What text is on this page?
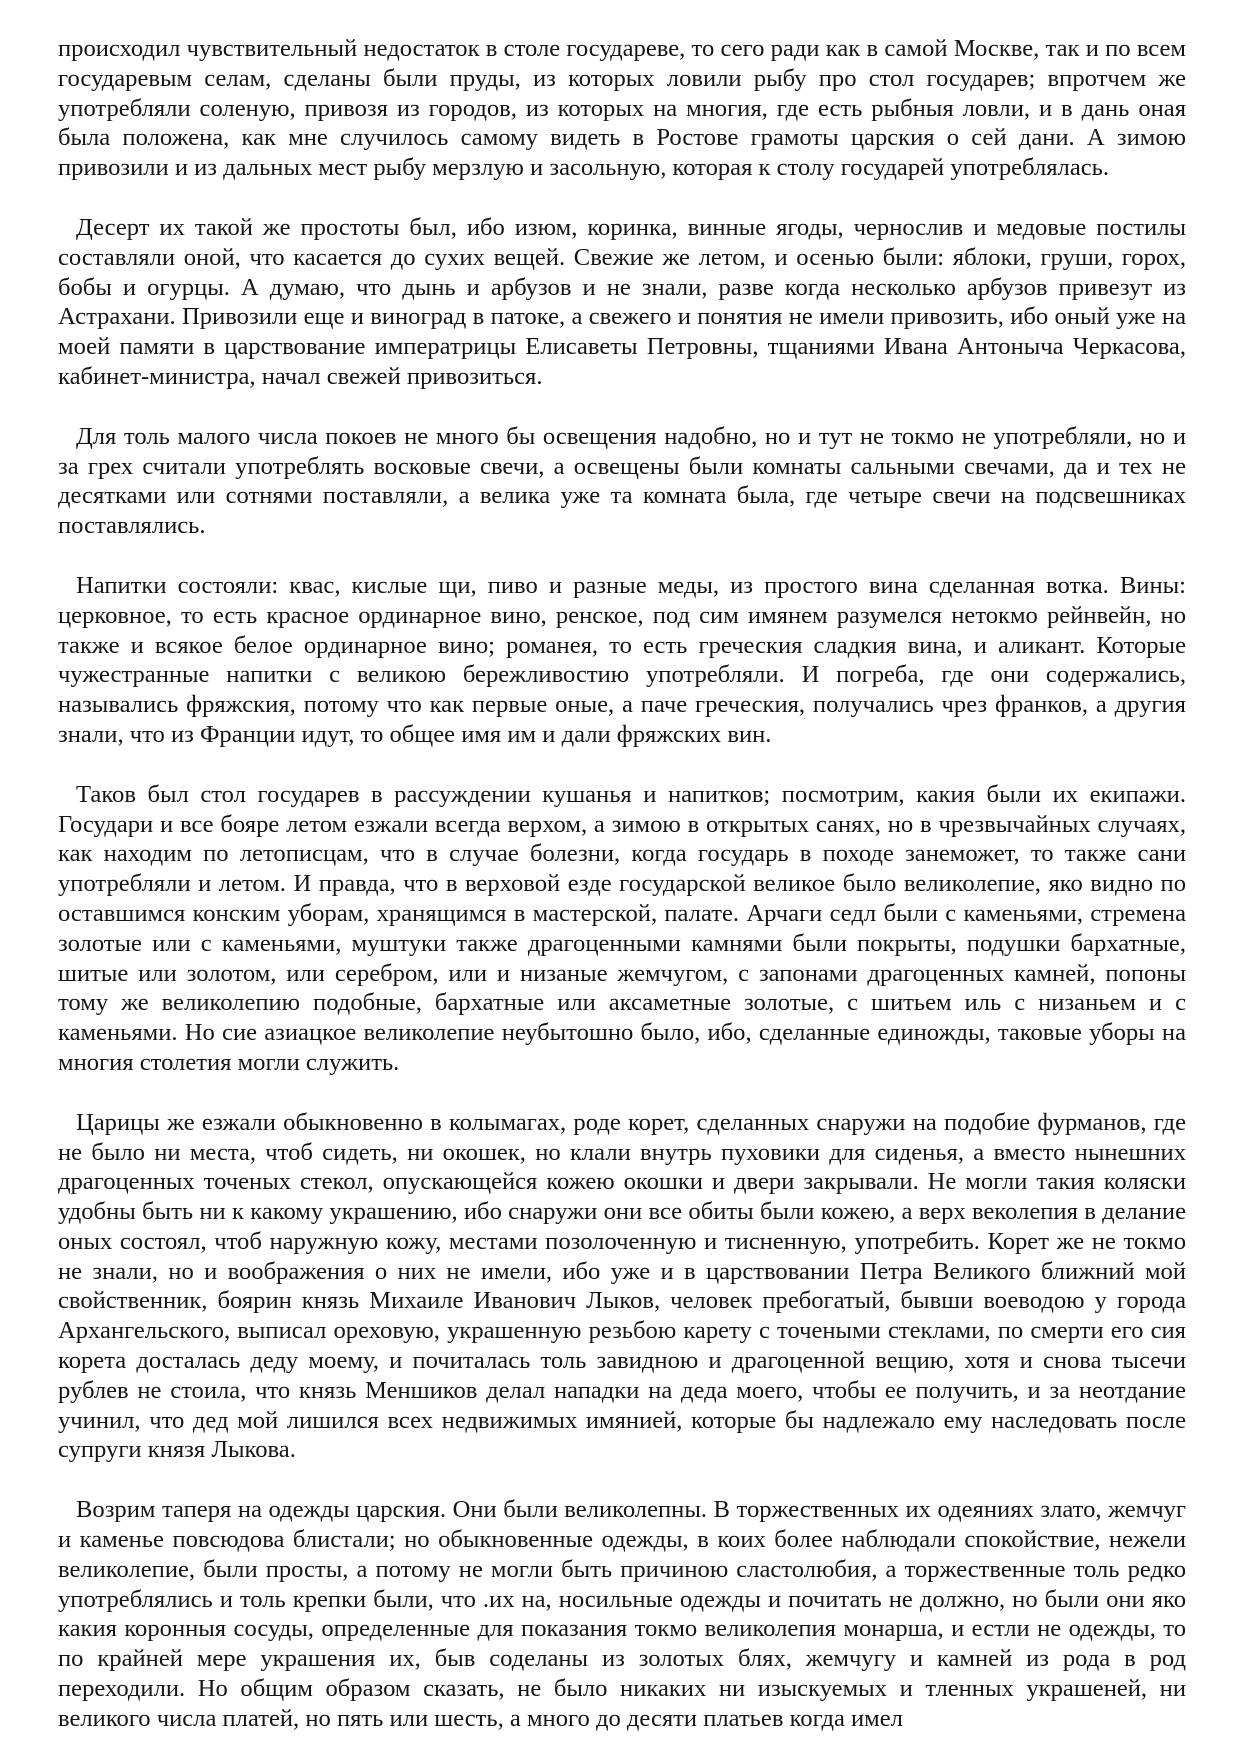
происходил чувствительный недостаток в столе государеве, то сего ради как в самой Москве, так и по всем государевым селам, сделаны были пруды, из которых ловили рыбу про стол государев; впротчем же употребляли соленую, привозя из городов, из которых на многия, где есть рыбныя ловли, и в дань оная была положена, как мне случилось самому видеть в Ростове грамоты царския о сей дани. А зимою привозили и из дальных мест рыбу мерзлую и засольную, которая к столу государей употреблялась.

Десерт их такой же простоты был, ибо изюм, коринка, винные ягоды, чернослив и медовые постилы составляли оной, что касается до сухих вещей. Свежие же летом, и осенью были: яблоки, груши, горох, бобы и огурцы. А думаю, что дынь и арбузов и не знали, разве когда несколько арбузов привезут из Астрахани. Привозили еще и виноград в патоке, а свежего и понятия не имели привозить, ибо оный уже на моей памяти в царствование императрицы Елисаветы Петровны, тщаниями Ивана Антоныча Черкасова, кабинет-министра, начал свежей привозиться.

Для толь малого числа покоев не много бы освещения надобно, но и тут не токмо не употребляли, но и за грех считали употреблять восковые свечи, а освещены были комнаты сальными свечами, да и тех не десятками или сотнями поставляли, а велика уже та комната была, где четыре свечи на подсвешниках поставлялись.

Напитки состояли: квас, кислые щи, пиво и разные меды, из простого вина сделанная вотка. Вины: церковное, то есть красное ординарное вино, ренское, под сим имянем разумелся нетокмо рейнвейн, но также и всякое белое ординарное вино; романея, то есть греческия сладкия вина, и аликант. Которые чужестранные напитки с великою бережливостию употребляли. И погреба, где они содержались, назывались фряжския, потому что как первые оные, а паче греческия, получались чрез франков, а другия знали, что из Франции идут, то общее имя им и дали фряжских вин.

Таков был стол государев в рассуждении кушанья и напитков; посмотрим, какия были их екипажи. Государи и все бояре летом езжали всегда верхом, а зимою в открытых санях, но в чрезвычайных случаях, как находим по летописцам, что в случае болезни, когда государь в походе занеможет, то также сани употребляли и летом. И правда, что в верховой езде государской великое было великолепие, яко видно по оставшимся конским уборам, хранящимся в мастерской, палате. Арчаги седл были с каменьями, стремена золотые или с каменьями, муштуки также драгоценными камнями были покрыты, подушки бархатные, шитые или золотом, или серебром, или и низаные жемчугом, с запонами драгоценных камней, попоны тому же великолепию подобные, бархатные или аксаметные золотые, с шитьем иль с низаньем и с каменьями. Но сие азиацкое великолепие неубытошно было, ибо, сделанные единожды, таковые уборы на многия столетия могли служить.

Царицы же езжали обыкновенно в колымагах, роде корет, сделанных снаружи на подобие фурманов, где не было ни места, чтоб сидеть, ни окошек, но клали внутрь пуховики для сиденья, а вместо нынешних драгоценных точеных стекол, опускающейся кожею окошки и двери закрывали. Не могли такия коляски удобны быть ни к какому украшению, ибо снаружи они все обиты были кожею, а верх веколепия в делание оных состоял, чтоб наружную кожу, местами позолоченную и тисненную, употребить. Корет же не токмо не знали, но и воображения о них не имели, ибо уже и в царствовании Петра Великого ближний мой свойственник, боярин князь Михаиле Иванович Лыков, человек пребогатый, бывши воеводою у города Архангельского, выписал ореховую, украшенную резьбою карету с точеными стеклами, по смерти его сия корета досталась деду моему, и почиталась толь завидною и драгоценной вещию, хотя и снова тысечи рублев не стоила, что князь Меншиков делал нападки на деда моего, чтобы ее получить, и за неотдание учинил, что дед мой лишился всех недвижимых имянией, которые бы надлежало ему наследовать после супруги князя Лыкова.

Возрим таперя на одежды царския. Они были великолепны. В торжественных их одеяниях злато, жемчуг и каменье повсюдова блистали; но обыкновенные одежды, в коих более наблюдали спокойствие, нежели великолепие, были просты, а потому не могли быть причиною сластолюбия, а торжественные толь редко употреблялись и толь крепки были, что .их на, носильные одежды и почитать не должно, но были они яко какия коронныя сосуды, определенные для показания токмо великолепия монарша, и естли не одежды, то по крайней мере украшения их, быв соделаны из золотых блях, жемчугу и камней из рода в род переходили. Но общим образом сказать, не было никаких ни изыскуемых и тленных украшеней, ни великого числа платей, но пять или шесть, а много до десяти платьев когда имел
